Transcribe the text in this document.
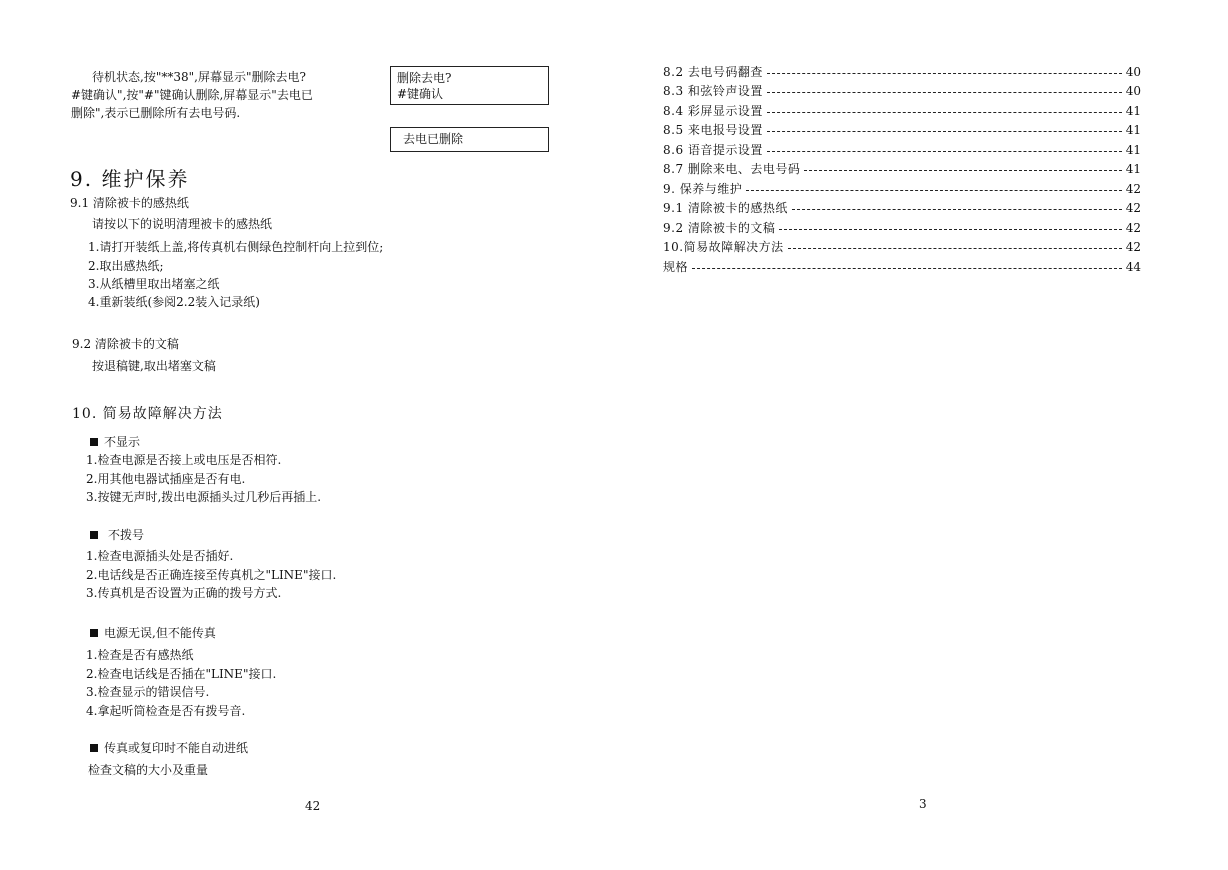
待机状态,按"**38",屏幕显示"删除去电?
#键确认",按"#"键确认删除,屏幕显示"去电已
删除",表示已删除所有去电号码.
删除去电?
#键确认
去电已删除
9. 维护保养
9.1 清除被卡的感热纸
请按以下的说明清理被卡的感热纸
1.请打开装纸上盖,将传真机右侧绿色控制杆向上拉到位;
2.取出感热纸;
3.从纸槽里取出堵塞之纸
4.重新装纸(参阅2.2装入记录纸)
9.2 清除被卡的文稿
按退稿键,取出堵塞文稿
10. 简易故障解决方法
不显示
1.检查电源是否接上或电压是否相符.
2.用其他电器试插座是否有电.
3.按键无声时,拨出电源插头过几秒后再插上.
不拨号
1.检查电源插头处是否插好.
2.电话线是否正确连接至传真机之"LINE"接口.
3.传真机是否设置为正确的拨号方式.
电源无误,但不能传真
1.检查是否有感热纸
2.检查电话线是否插在"LINE"接口.
3.检查显示的错误信号.
4.拿起听筒检查是否有拨号音.
传真或复印时不能自动进纸
检查文稿的大小及重量
42
8.2 去电号码翻查	40
8.3 和弦铃声设置	40
8.4 彩屏显示设置	41
8.5 来电报号设置	41
8.6 语音提示设置	41
8.7 删除来电、去电号码	41
9. 保养与维护	42
9.1 清除被卡的感热纸	42
9.2 清除被卡的文稿	42
10.简易故障解决方法	42
规格	44
3
